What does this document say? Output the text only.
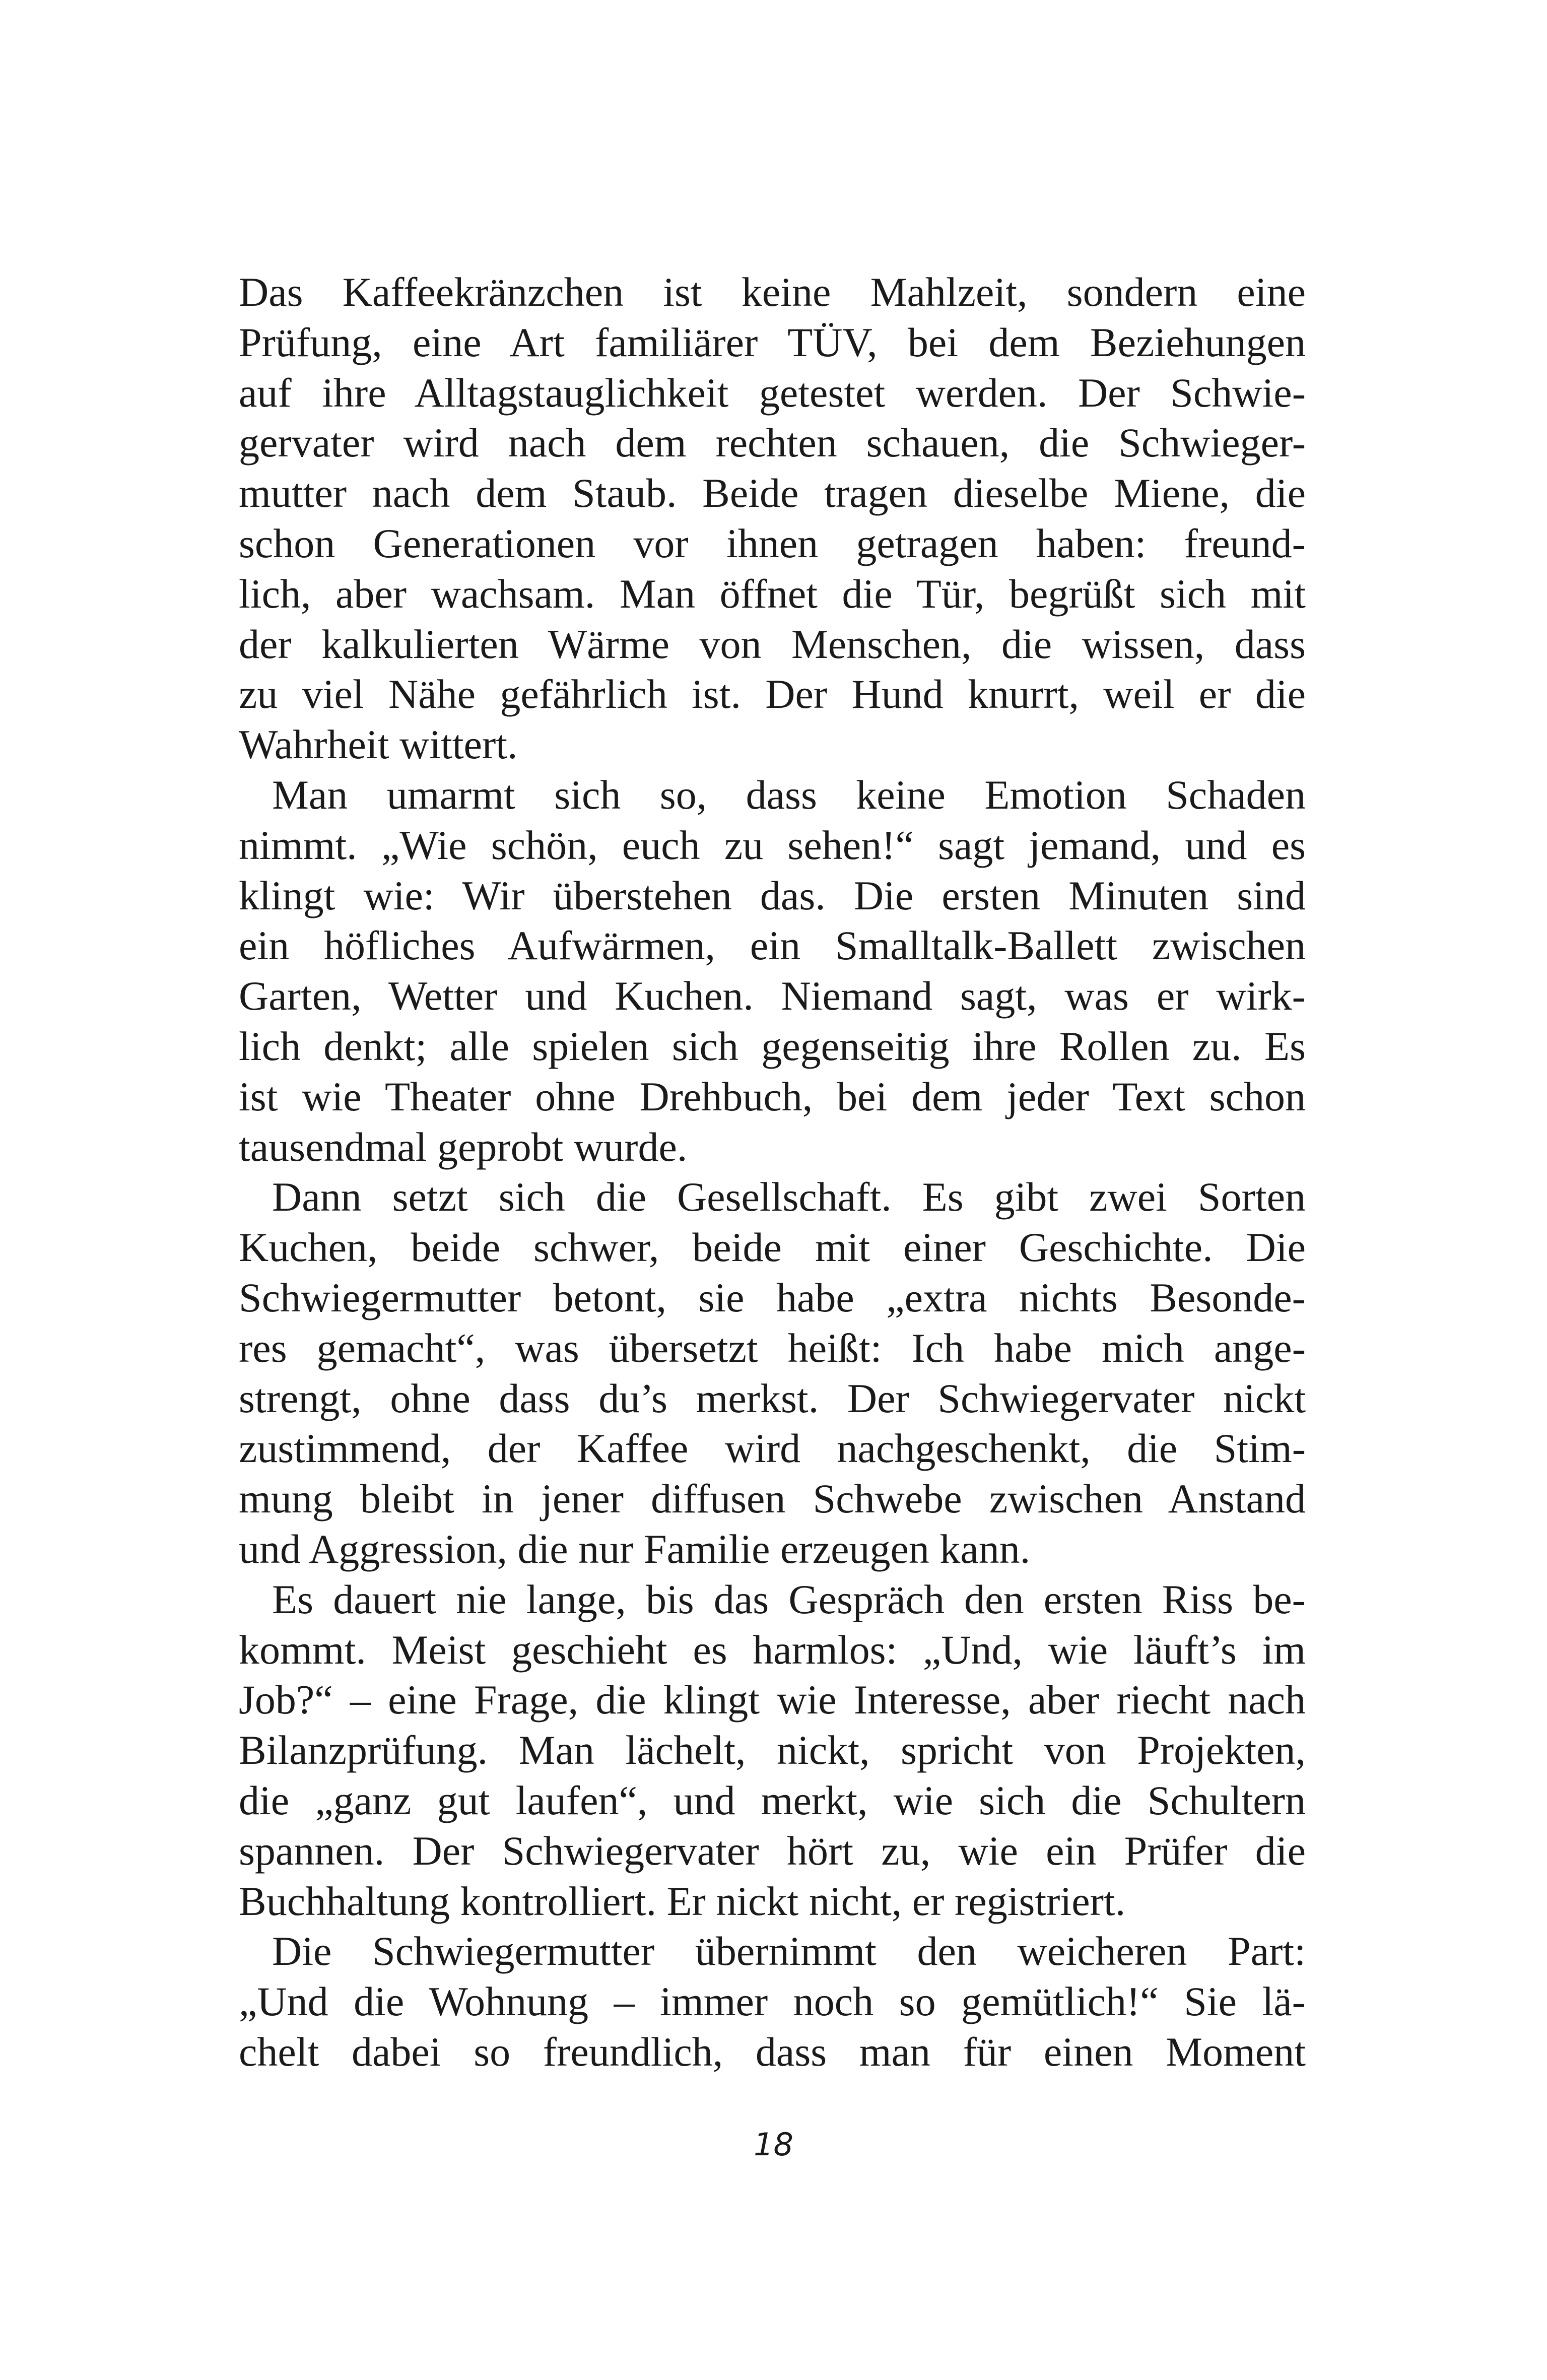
Das Kaffeekränzchen ist keine Mahlzeit, sondern eine
Prüfung, eine Art familiärer TÜV, bei dem Beziehungen
auf ihre Alltagstauglichkeit getestet werden. Der Schwie-
gervater wird nach dem rechten schauen, die Schwieger-
mutter nach dem Staub. Beide tragen dieselbe Miene, die
schon Generationen vor ihnen getragen haben: freund-
lich, aber wachsam. Man öffnet die Tür, begrüßt sich mit
der kalkulierten Wärme von Menschen, die wissen, dass
zu viel Nähe gefährlich ist. Der Hund knurrt, weil er die
Wahrheit wittert.
Man umarmt sich so, dass keine Emotion Schaden
nimmt. „Wie schön, euch zu sehen!“ sagt jemand, und es
klingt wie: Wir überstehen das. Die ersten Minuten sind
ein höfliches Aufwärmen, ein Smalltalk-Ballett zwischen
Garten, Wetter und Kuchen. Niemand sagt, was er wirk-
lich denkt; alle spielen sich gegenseitig ihre Rollen zu. Es
ist wie Theater ohne Drehbuch, bei dem jeder Text schon
tausendmal geprobt wurde.
Dann setzt sich die Gesellschaft. Es gibt zwei Sorten
Kuchen, beide schwer, beide mit einer Geschichte. Die
Schwiegermutter betont, sie habe „extra nichts Besonde-
res gemacht“, was übersetzt heißt: Ich habe mich ange-
strengt, ohne dass du’s merkst. Der Schwiegervater nickt
zustimmend, der Kaffee wird nachgeschenkt, die Stim-
mung bleibt in jener diffusen Schwebe zwischen Anstand
und Aggression, die nur Familie erzeugen kann.
Es dauert nie lange, bis das Gespräch den ersten Riss be-
kommt. Meist geschieht es harmlos: „Und, wie läuft’s im
Job?“ – eine Frage, die klingt wie Interesse, aber riecht nach
Bilanzprüfung. Man lächelt, nickt, spricht von Projekten,
die „ganz gut laufen“, und merkt, wie sich die Schultern
spannen. Der Schwiegervater hört zu, wie ein Prüfer die
Buchhaltung kontrolliert. Er nickt nicht, er registriert.
Die Schwiegermutter übernimmt den weicheren Part:
„Und die Wohnung – immer noch so gemütlich!“ Sie lä-
chelt dabei so freundlich, dass man für einen Moment
18
